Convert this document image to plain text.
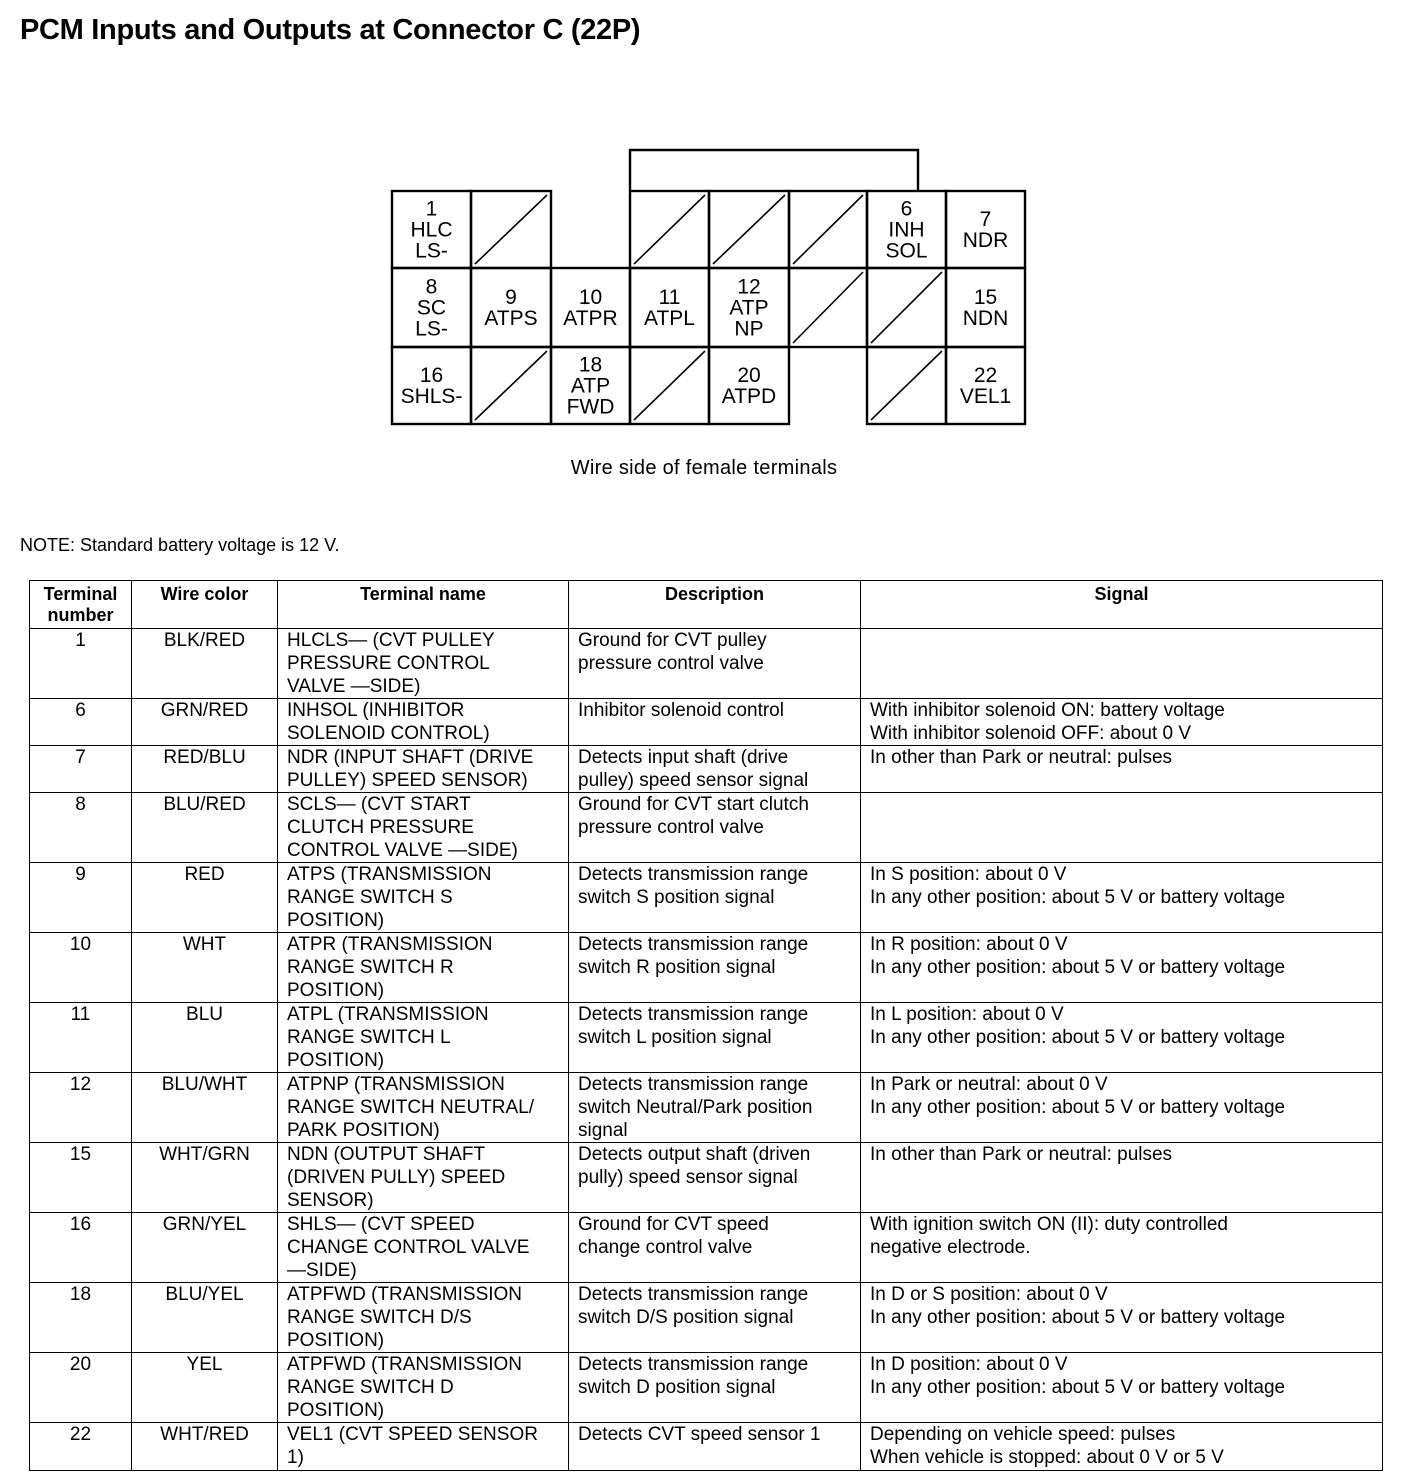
PCM Inputs and Outputs at Connector C (22P)
1
HLC
LS-
6
INH
SOL
7
NDR
8
SC
LS-
9
ATPS
10
ATPR
11
ATPL
12
ATP
NP
15
NDN
16
SHLS-
18
ATP
FWD
20
ATPD
22
VEL1
Wire side of female terminals
NOTE: Standard battery voltage is 12 V.
Terminal
number	Wire color	Terminal name	Description	Signal
1	BLK/RED	HLCLS— (CVT PULLEY
PRESSURE CONTROL
VALVE —SIDE)	Ground for CVT pulley
pressure control valve	
6	GRN/RED	INHSOL (INHIBITOR
SOLENOID CONTROL)	Inhibitor solenoid control	With inhibitor solenoid ON: battery voltage
With inhibitor solenoid OFF: about 0 V
7	RED/BLU	NDR (INPUT SHAFT (DRIVE
PULLEY) SPEED SENSOR)	Detects input shaft (drive
pulley) speed sensor signal	In other than Park or neutral: pulses
8	BLU/RED	SCLS— (CVT START
CLUTCH PRESSURE
CONTROL VALVE —SIDE)	Ground for CVT start clutch
pressure control valve	
9	RED	ATPS (TRANSMISSION
RANGE SWITCH S
POSITION)	Detects transmission range
switch S position signal	In S position: about 0 V
In any other position: about 5 V or battery voltage
10	WHT	ATPR (TRANSMISSION
RANGE SWITCH R
POSITION)	Detects transmission range
switch R position signal	In R position: about 0 V
In any other position: about 5 V or battery voltage
11	BLU	ATPL (TRANSMISSION
RANGE SWITCH L
POSITION)	Detects transmission range
switch L position signal	In L position: about 0 V
In any other position: about 5 V or battery voltage
12	BLU/WHT	ATPNP (TRANSMISSION
RANGE SWITCH NEUTRAL/
PARK POSITION)	Detects transmission range
switch Neutral/Park position
signal	In Park or neutral: about 0 V
In any other position: about 5 V or battery voltage
15	WHT/GRN	NDN (OUTPUT SHAFT
(DRIVEN PULLY) SPEED
SENSOR)	Detects output shaft (driven
pully) speed sensor signal	In other than Park or neutral: pulses
16	GRN/YEL	SHLS— (CVT SPEED
CHANGE CONTROL VALVE
—SIDE)	Ground for CVT speed
change control valve	With ignition switch ON (II): duty controlled
negative electrode.
18	BLU/YEL	ATPFWD (TRANSMISSION
RANGE SWITCH D/S
POSITION)	Detects transmission range
switch D/S position signal	In D or S position: about 0 V
In any other position: about 5 V or battery voltage
20	YEL	ATPFWD (TRANSMISSION
RANGE SWITCH D
POSITION)	Detects transmission range
switch D position signal	In D position: about 0 V
In any other position: about 5 V or battery voltage
22	WHT/RED	VEL1 (CVT SPEED SENSOR
1)	Detects CVT speed sensor 1	Depending on vehicle speed: pulses
When vehicle is stopped: about 0 V or 5 V
